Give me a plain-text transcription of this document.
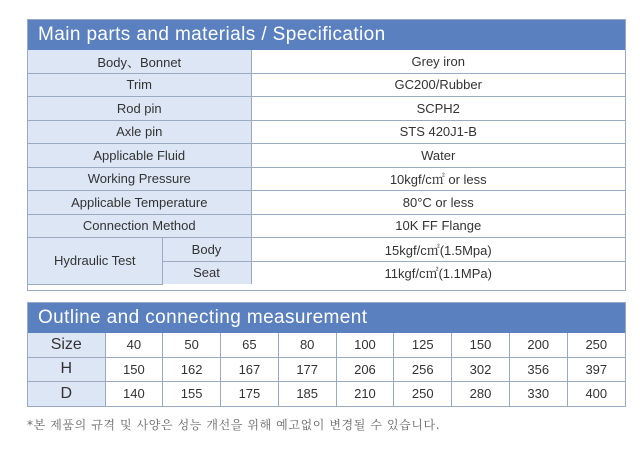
Main parts and materials / Specification
Body、Bonnet		Grey iron
Trim		GC200/Rubber
Rod pin		SCPH2
Axle pin		STS 420J1-B
Applicable Fluid		Water
Working Pressure		10kgf/c㎡ or less
Applicable Temperature		80°C or less
Connection Method		10K FF Flange
Hydraulic Test	Body	15kgf/c㎡(1.5Mpa)
	Seat	11kgf/c㎡(1.1MPa)
Outline and connecting measurement
Size	40	50	65	80	100	125	150	200	250
H	150	162	167	177	206	256	302	356	397
D	140	155	175	185	210	250	280	330	400
*본 제품의 규격 및 사양은 성능 개선을 위해 예고없이 변경될 수 있습니다.
